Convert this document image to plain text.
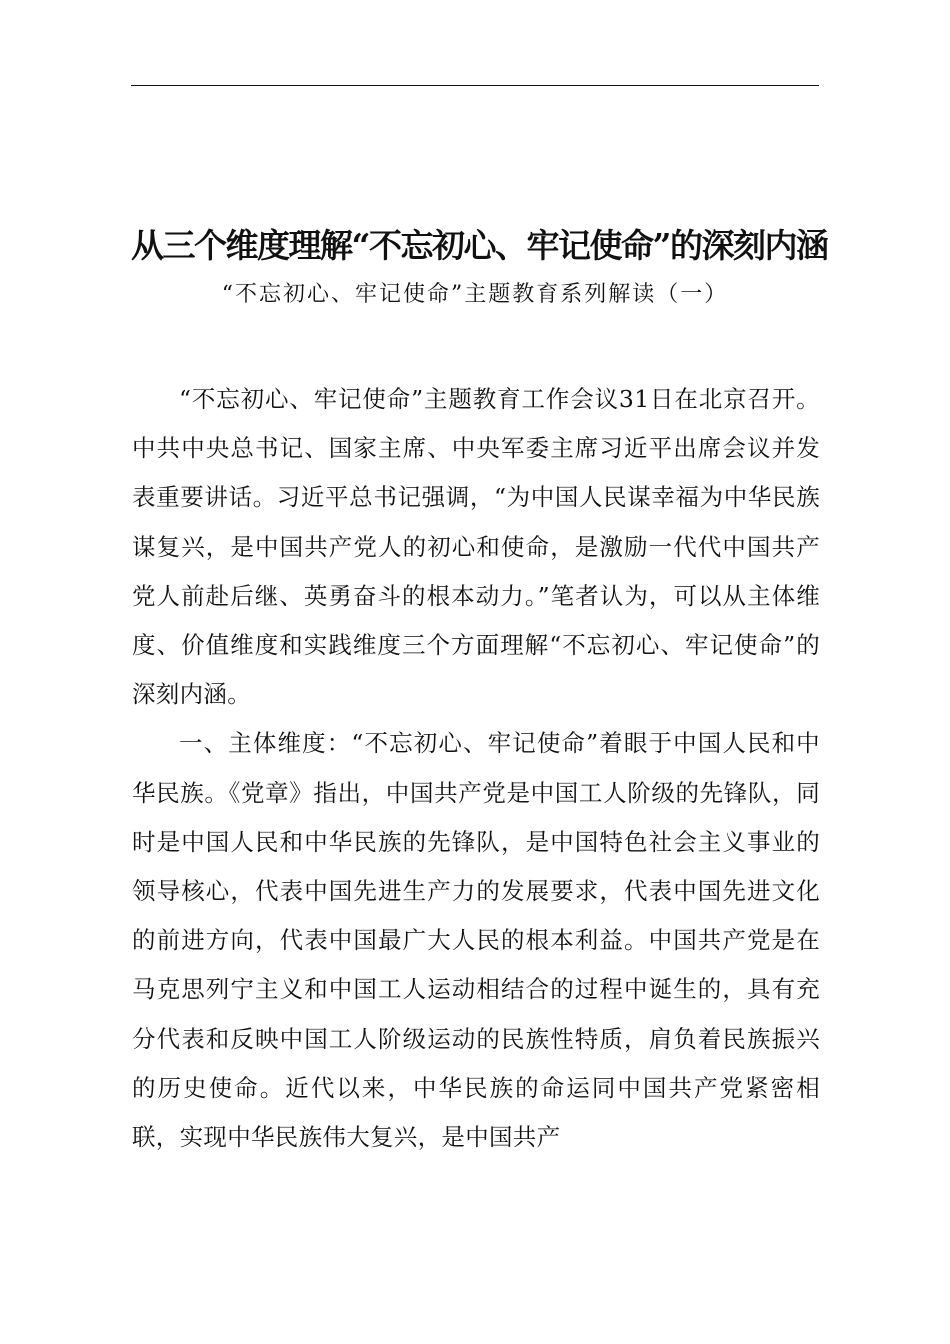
从三个维度理解“不忘初心、牢记使命”的深刻内涵
“不忘初心、牢记使命”主题教育系列解读（一）

“不忘初心、牢记使命”主题教育工作会议31日在北京召开。中共中央总书记、国家主席、中央军委主席习近平出席会议并发表重要讲话。习近平总书记强调，“为中国人民谋幸福为中华民族谋复兴，是中国共产党人的初心和使命，是激励一代代中国共产党人前赴后继、英勇奋斗的根本动力。”笔者认为，可以从主体维度、价值维度和实践维度三个方面理解“不忘初心、牢记使命”的深刻内涵。

一、主体维度：“不忘初心、牢记使命”着眼于中国人民和中华民族。《党章》指出，中国共产党是中国工人阶级的先锋队，同时是中国人民和中华民族的先锋队，是中国特色社会主义事业的领导核心，代表中国先进生产力的发展要求，代表中国先进文化的前进方向，代表中国最广大人民的根本利益。中国共产党是在马克思列宁主义和中国工人运动相结合的过程中诞生的，具有充分代表和反映中国工人阶级运动的民族性特质，肩负着民族振兴的历史使命。近代以来，中华民族的命运同中国共产党紧密相联，实现中华民族伟大复兴，是中国共产
